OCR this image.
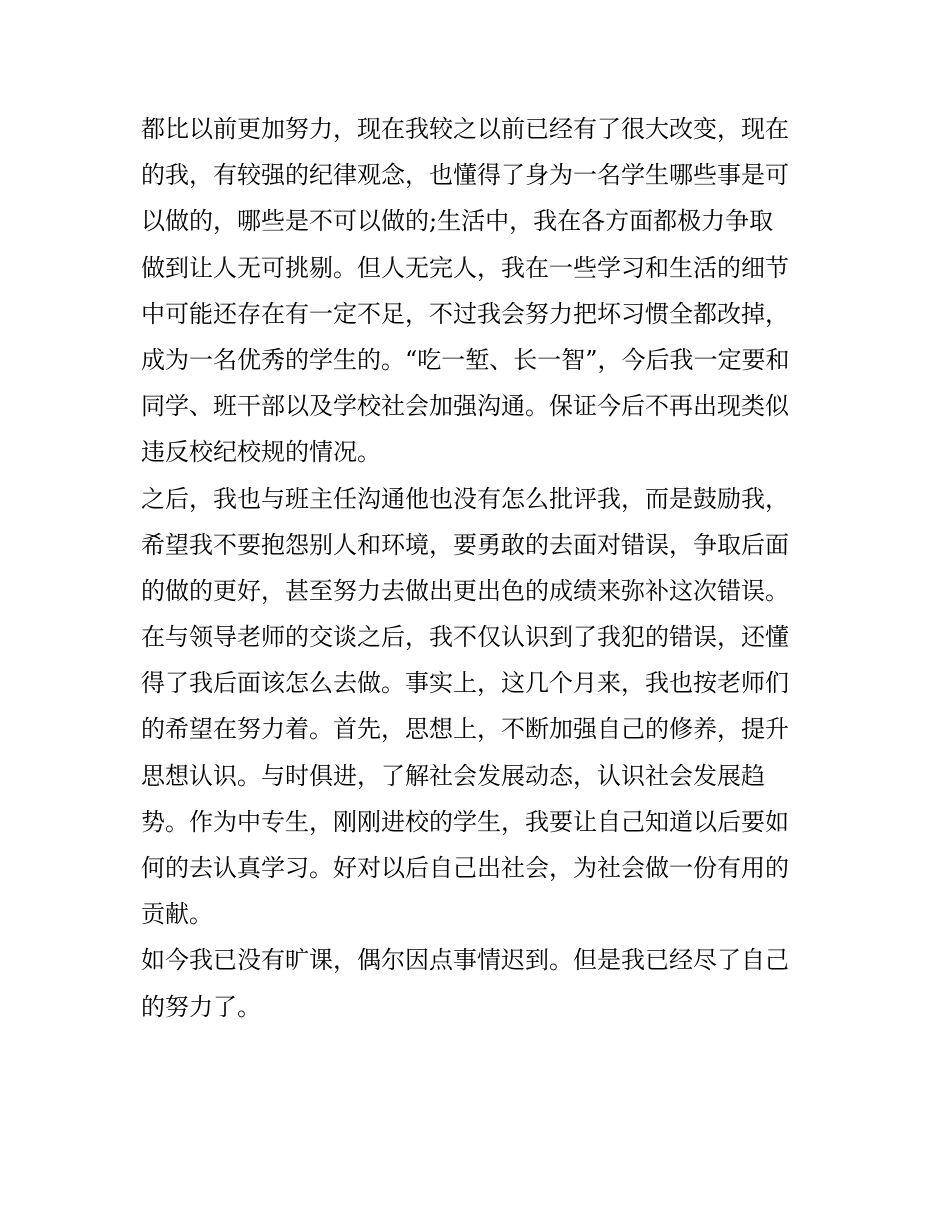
都比以前更加努力，现在我较之以前已经有了很大改变，现在
的我，有较强的纪律观念，也懂得了身为一名学生哪些事是可
以做的，哪些是不可以做的;生活中，我在各方面都极力争取
做到让人无可挑剔。但人无完人，我在一些学习和生活的细节
中可能还存在有一定不足，不过我会努力把坏习惯全都改掉，
成为一名优秀的学生的。“吃一堑、长一智”，今后我一定要和
同学、班干部以及学校社会加强沟通。保证今后不再出现类似
违反校纪校规的情况。
之后，我也与班主任沟通他也没有怎么批评我，而是鼓励我，
希望我不要抱怨别人和环境，要勇敢的去面对错误，争取后面
的做的更好，甚至努力去做出更出色的成绩来弥补这次错误。
在与领导老师的交谈之后，我不仅认识到了我犯的错误，还懂
得了我后面该怎么去做。事实上，这几个月来，我也按老师们
的希望在努力着。首先，思想上，不断加强自己的修养，提升
思想认识。与时俱进，了解社会发展动态，认识社会发展趋
势。作为中专生，刚刚进校的学生，我要让自己知道以后要如
何的去认真学习。好对以后自己出社会，为社会做一份有用的
贡献。
如今我已没有旷课，偶尔因点事情迟到。但是我已经尽了自己
的努力了。
